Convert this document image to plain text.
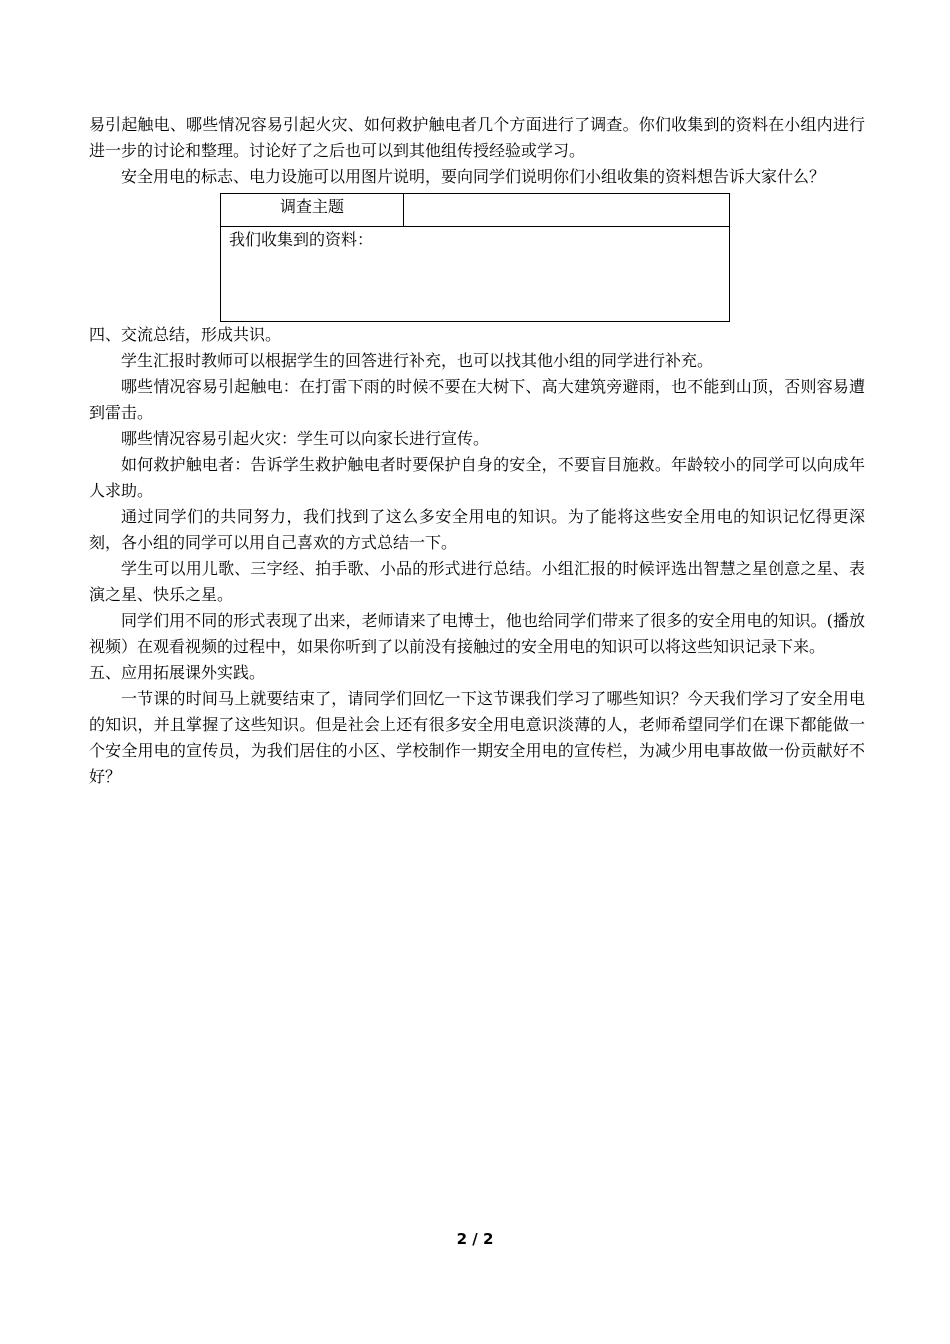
易引起触电、哪些情况容易引起火灾、如何救护触电者几个方面进行了调查。你们收集到的资料在小组内进行进一步的讨论和整理。讨论好了之后也可以到其他组传授经验或学习。

安全用电的标志、电力设施可以用图片说明，要向同学们说明你们小组收集的资料想告诉大家什么？

调查主题	
我们收集到的资料：

四、交流总结，形成共识。

学生汇报时教师可以根据学生的回答进行补充，也可以找其他小组的同学进行补充。

哪些情况容易引起触电：在打雷下雨的时候不要在大树下、高大建筑旁避雨，也不能到山顶，否则容易遭到雷击。

哪些情况容易引起火灾：学生可以向家长进行宣传。

如何救护触电者：告诉学生救护触电者时要保护自身的安全，不要盲目施救。年龄较小的同学可以向成年人求助。

通过同学们的共同努力，我们找到了这么多安全用电的知识。为了能将这些安全用电的知识记忆得更深刻，各小组的同学可以用自己喜欢的方式总结一下。

学生可以用儿歌、三字经、拍手歌、小品的形式进行总结。小组汇报的时候评选出智慧之星创意之星、表演之星、快乐之星。

同学们用不同的形式表现了出来，老师请来了电博士，他也给同学们带来了很多的安全用电的知识。(播放视频）在观看视频的过程中，如果你听到了以前没有接触过的安全用电的知识可以将这些知识记录下来。

五、应用拓展课外实践。

一节课的时间马上就要结束了，请同学们回忆一下这节课我们学习了哪些知识？今天我们学习了安全用电的知识，并且掌握了这些知识。但是社会上还有很多安全用电意识淡薄的人，老师希望同学们在课下都能做一个安全用电的宣传员，为我们居住的小区、学校制作一期安全用电的宣传栏，为减少用电事故做一份贡献好不好？

2 / 2
